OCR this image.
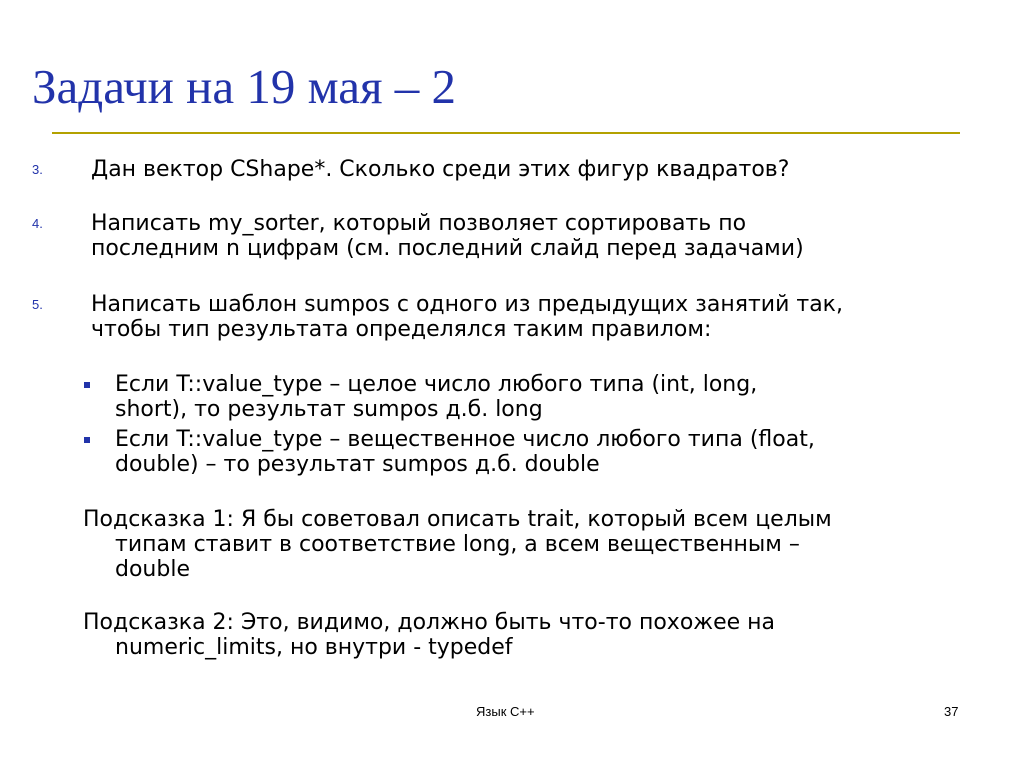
Задачи на 19 мая – 2
3. Дан вектор CShape*. Сколько среди этих фигур квадратов?
4. Написать my_sorter, который позволяет сортировать по
последним n цифрам (см. последний слайд перед задачами)
5. Написать шаблон sumpos с одного из предыдущих занятий так,
чтобы тип результата определялся таким правилом:
Если T::value_type – целое число любого типа (int, long,
short), то результат sumpos д.б. long
Если T::value_type – вещественное число любого типа (float,
double) – то результат sumpos д.б. double
Подсказка 1: Я бы советовал описать trait, который всем целым
типам ставит в соответствие long, а всем вещественным –
double
Подсказка 2: Это, видимо, должно быть что-то похожее на
numeric_limits, но внутри - typedef
Язык С++	37
